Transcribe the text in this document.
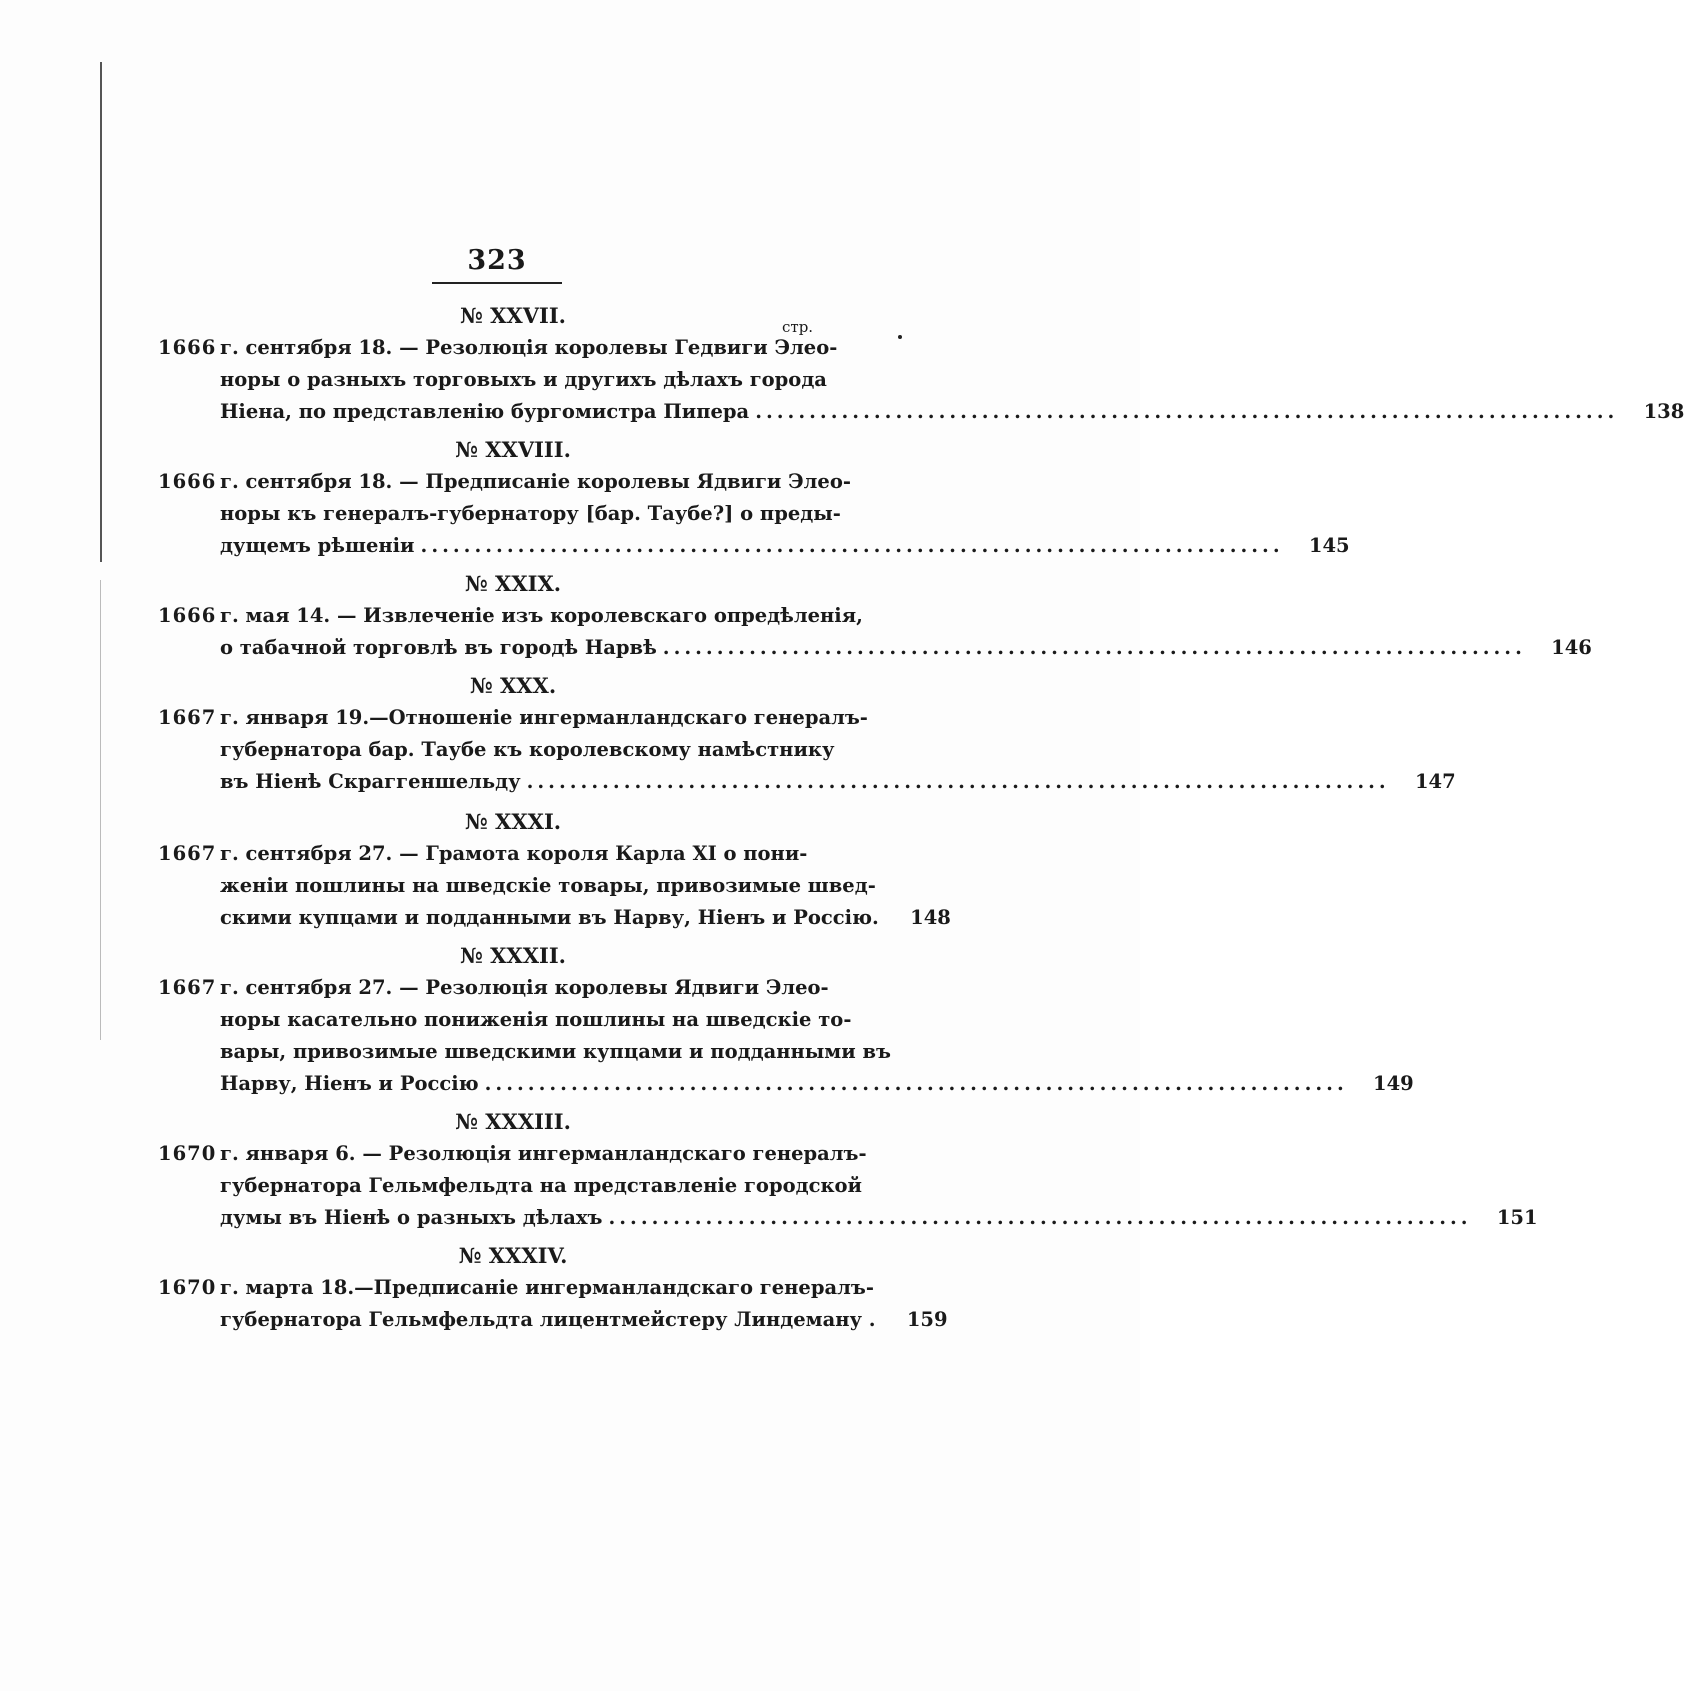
323
стр.
№ XXVII.
1666 г. сентября 18. — Резолюція королевы Гедвиги Элео-
норы о разныхъ торговыхъ и другихъ дѣлахъ города
Ніена, по представленію бургомистра Пипера ................................................................................	138
№ XXVIII.
1666 г. сентября 18. — Предписаніе королевы Ядвиги Элео-
норы къ генералъ-губернатору [бар. Таубе?] о преды-
дущемъ рѣшеніи ................................................................................	145
№ XXIX.
1666 г. мая 14. — Извлеченіе изъ королевскаго опредѣленія,
о табачной торговлѣ въ городѣ Нарвѣ ................................................................................	146
№ XXX.
1667 г. января 19.—Отношеніе ингерманландскаго генералъ-
губернатора бар. Таубе къ королевскому намѣстнику
въ Ніенѣ Скраггеншельду ................................................................................	147
№ XXXI.
1667 г. сентября 27. — Грамота короля Карла XI о пони-
женіи пошлины на шведскіе товары, привозимые швед-
скими купцами и подданными въ Нарву, Ніенъ и Россію.	148
№ XXXII.
1667 г. сентября 27. — Резолюція королевы Ядвиги Элео-
норы касательно пониженія пошлины на шведскіе то-
вары, привозимые шведскими купцами и подданными въ
Нарву, Ніенъ и Россію ................................................................................	149
№ XXXIII.
1670 г. января 6. — Резолюція ингерманландскаго генералъ-
губернатора Гельмфельдта на представленіе городской
думы въ Ніенѣ о разныхъ дѣлахъ ................................................................................	151
№ XXXIV.
1670 г. марта 18.—Предписаніе ингерманландскаго генералъ-
губернатора Гельмфельдта лицентмейстеру Линдеману .	159
